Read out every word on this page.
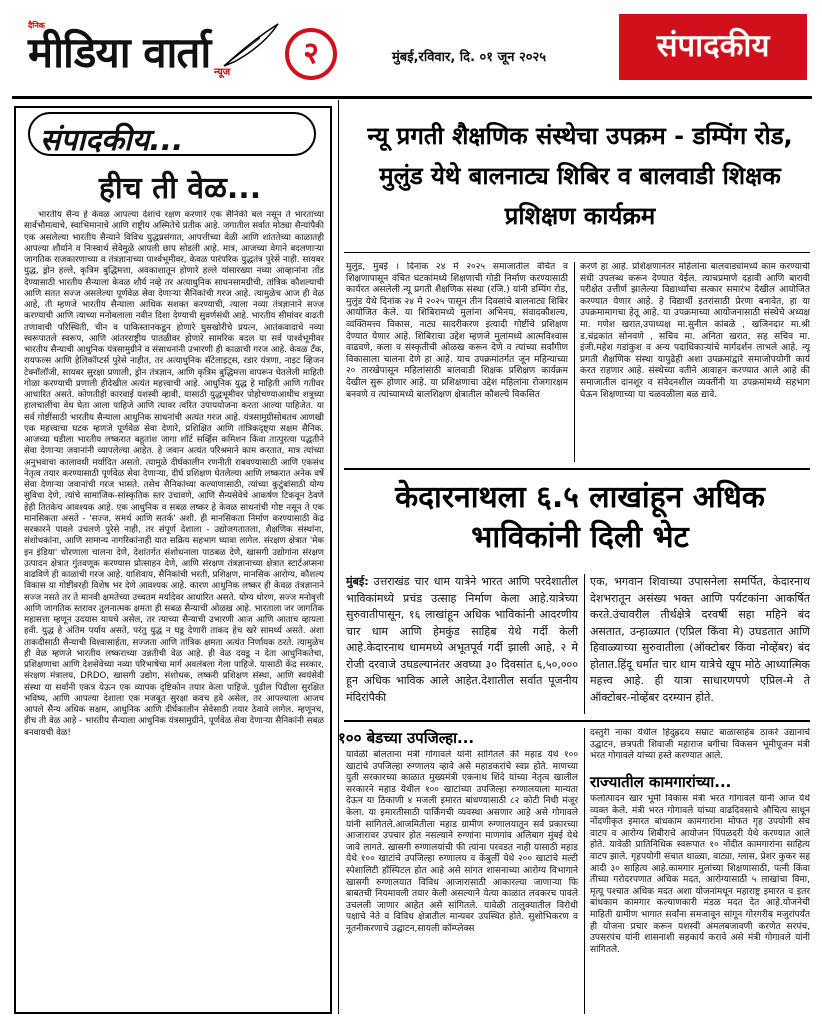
दैनिक
मीडिया वार्ता न्यूज
२	मुंबई,रविवार, दि. ०१ जून २०२५	संपादकीय
संपादकीय...
हीच ती वेळ...

भारतीय सैन्य हे केवळ आपल्या देशाचे रक्षण करणारे एक सैनिकी बल नसून ते भारताच्या सार्वभौमत्वाचे, स्वाभिमानाचे आणि राष्ट्रीय अस्मितेचे प्रतीक आहे. जगातील सर्वात मोठ्या सैन्यांपैकी एक असलेल्या भारतीय सैन्याने विविध युद्धप्रसंगात, आपत्तीच्या वेळी आणि शांततेच्या काळातही आपल्या शौर्याने व निःस्वार्थ सेवेमुळे आपली छाप सोडली आहे. मात्र, आजच्या वेगाने बदलणाऱ्या जागतिक राजकारणाच्या व तंत्रज्ञानाच्या पार्श्वभूमीवर, केवळ पारंपरिक युद्धतंत्र पुरेसे नाही. सायबर युद्ध, ड्रोन हल्ले, कृत्रिम बुद्धिमत्ता, अवकाशातून होणारे हल्ले यांसारख्या नव्या आव्हानांना तोंड देण्यासाठी भारतीय सैन्याला केवळ शौर्य नव्हे तर अत्याधुनिक साधनसामग्रीची, तांत्रिक कौशल्याची आणि सतत सज्ज असलेल्या पूर्णवेळ सेवा देणाऱ्या सैनिकांची गरज आहे. त्यामुळेच आज ही वेळ आहे, ती म्हणजे भारतीय सैन्याला आधिक सशक्त करण्याची, त्याला नव्या तंत्रज्ञानाने सज्ज करण्याची आणि त्याच्या मनोबलाला नवीन दिशा देण्याची सुवर्णसंधी आहे. भारतीय सीमांवर वाढती तणावाची परिस्थिती, चीन व पाकिस्तानकडून होणारे घुसखोरीचे प्रयत्न, आतंकवादाचे नव्या स्वरूपातले स्वरूप, आणि आंतरराष्ट्रीय पातळीवर होणारे सामरिक बदल या सर्व पार्श्वभूमीवर भारतीय सैन्याची आधुनिक यंत्रसामुग्रीने व संसाधनांनी उभारणी ही काळाची गरज आहे. केवळ टँक, रायफल्स आणि हेलिकॉप्टर्स पुरेसे नाहीत, तर अत्याधुनिक सॅटेलाइट्स, रडार यंत्रणा, नाइट व्हिजन टेक्नॉलॉजी, सायबर सुरक्षा प्रणाली, ड्रोन तंत्रज्ञान, आणि कृत्रिम बुद्धिमत्ता वापरून घेतलेली माहिती गोळा करण्याची प्रणाली हीदेखील अत्यंत महत्त्वाची आहे. आधुनिक युद्ध हे माहिती आणि गतीवर आधारित असते. कोणतीही कारवाई यशस्वी व्हावी, यासाठी युद्धभूमीवर पोहोचण्याआधीच शत्रूच्या हालचालींचा वेध घेता आला पाहिजे आणि त्यावर त्वरित उपाययोजना करता आल्या पाहिजेत. या सर्व गोष्टींसाठी भारतीय सैन्याला आधुनिक साधनांची अत्यंत गरज आहे. यंत्रसामुग्रीसोबतच आणखी एक महत्त्वाचा घटक म्हणजे पूर्णवेळ सेवा देणारे, प्रशिक्षित आणि तांत्रिकदृष्ट्या सक्षम सैनिक. आजच्या घडीला भारतीय लष्करात बहुतांश जागा शॉर्ट सर्व्हिस कमिशन किंवा तात्पुरत्या पद्धतीने सेवा देणाऱ्या जवानांनी व्यापलेल्या आहेत. हे जवान अत्यंत परिश्रमाने काम करतात, मात्र त्यांच्या अनुभवाचा कालावधी मर्यादित असतो. त्यामुळे दीर्घकालीन रणनीती राबवण्यासाठी आणि एकसंध नेतृत्व तयार करण्यासाठी पूर्णवेळ सेवा देणाऱ्या, दीर्घ प्रशिक्षण घेतलेल्या आणि लष्करात अनेक वर्षे सेवा देणाऱ्या जवानांची गरज भासते. तसेच सैनिकांच्या कल्याणासाठी, त्यांच्या कुटुंबांसाठी योग्य सुविधा देणे, त्यांचे सामाजिक-सांस्कृतिक स्तर उंचावणे, आणि सैन्यसेवेचे आकर्षण टिकवून ठेवणे हेही तितकेच आवश्यक आहे. एक आधुनिक व सबळ लष्कर हे केवळ साधनांची गोष्ट नसून ते एक मानसिकता असते - 'सज्ज, समर्थ आणि सतर्क' अशी. ही मानसिकता निर्माण करण्यासाठी केंद्र सरकारने पावले उचलणे पुरेसे नाही, तर संपूर्ण देशाला - उद्योजगतातला, शैक्षणिक संस्थांना, संशोधकांना, आणि सामान्य नागरिकांनाही यात सक्रिय सहभाग घ्यावा लागेल. संरक्षण क्षेत्रात 'मेक इन इंडिया' धोरणाला चालना देणे, देशांतर्गत संशोधनाला पाठबळ देणे, खासगी उद्योगांना संरक्षण उत्पादन क्षेत्रात गुंतवणूक करण्यास प्रोत्साहन देणे, आणि संरक्षण तंत्रज्ञानाच्या क्षेत्रात स्टार्टअप्सना वाढविणे ही काळाची गरज आहे. याशिवाय, सैनिकांची भरती, प्रशिक्षण, मानसिक आरोग्य, कौशल्य विकास या गोष्टींवरही विशेष भर देणे आवश्यक आहे. कारण आधुनिक लष्कर ही केवळ तंत्रज्ञानाने सज्ज नसते तर ते मानवी क्षमतेच्या उच्चतम मर्यादेवर आधारित असते. योग्य धोरण, सज्ज मनोवृत्ती आणि जागतिक स्तरावर तुलनात्मक क्षमता ही सबळ सैन्याची ओळख आहे. भारताला जर जागतिक महासत्ता म्हणून उदयास यायचे असेल, तर त्याच्या सैन्याची उभारणी आज आणि आताच व्हायला हवी. युद्ध हे अंतिम पर्याय असते, परंतु युद्ध न घडू देणारी ताकद हेच खरे सामर्थ्य असते. अशा ताकदीसाठी सैन्याची विश्वासार्हता, सज्जता आणि तांत्रिक क्षमता अत्यंत निर्णायक ठरते. त्यामुळेच ही वेळ म्हणजे भारतीय लष्कराच्या उन्नतीची वेळ आहे. ही वेळ दवडू न देता आधुनिकतेचा, प्रशिक्षणाचा आणि देशसेवेच्या नव्या परिभाषेचा मार्ग अवलंबला गेला पाहिजे. यासाठी केंद्र सरकार, संरक्षण मंत्रालय, DRDO, खासगी उद्योग, संशोधक, लष्करी प्रशिक्षण संस्था, आणि स्वयंसेवी संस्था या सर्वांनी एकत्र येऊन एक व्यापक दृष्टिकोन तयार केला पाहिजे. पुढील पिढीला सुरक्षित भविष्य, आणि आपल्या देशाला एक मजबूत सुरक्षा कवच हवे असेल, तर आपल्याला आजच आपले सैन्य अधिक सक्षम, आधुनिक आणि दीर्घकालीन सेवेसाठी तयार ठेवावे लागेल. म्हणूनच, हीच ती वेळ आहे - भारतीय सैन्याला आधुनिक यंत्रसामुग्रीने, पूर्णवेळ सेवा देणाऱ्या सैनिकांनी सबळ बनवायची वेळ!

न्यू प्रगती शैक्षणिक संस्थेचा उपक्रम - डम्पिंग रोड, मुलुंड येथे बालनाट्य शिबिर व बालवाडी शिक्षक प्रशिक्षण कार्यक्रम
मुलुंड, मुंबई । दिनांक २४ मे २०२५ समाजातील वंचित व शिक्षणापासून वंचित घटकांमध्ये शिक्षणाची गोडी निर्माण करण्यासाठी कार्यरत असलेली न्यू प्रगती शैक्षणिक संस्था (रजि.) यांनी डम्पिंग रोड, मुलुंड येथे दिनांक २४ मे २०२५ पासून तीन दिवसांचे बालनाट्य शिबिर आयोजित केले. या शिबिरामध्ये मुलांना अभिनय, संवादकौशल्य, व्यक्तिमत्त्व विकास, नाट्य सादरीकरण इत्यादी गोष्टींचे प्रशिक्षण देण्यात येणार आहे. शिबिराचा उद्देश म्हणजे मुलांमध्ये आत्मविश्वास वाढवणे, कला व संस्कृतीची ओळख करून देणे व त्यांच्या सर्वांगीण विकासाला चालना देणे हा आहे. याच उपक्रमांतर्गत जून महिन्याच्या २० तारखेपासून महिलांसाठी बालवाडी शिक्षक प्रशिक्षण कार्यक्रम देखील सुरू होणार आहे. या प्रशिक्षणाचा उद्देश महिलांना रोजगारक्षम बनवणे व त्यांच्यामध्ये बालशिक्षण क्षेत्रातील कौशल्ये विकसित
करणे हा आहे. प्रशिक्षणानंतर महिलांना बालवाड्यांमध्ये काम करण्याची संधी उपलब्ध करून देण्यात येईल. त्याचप्रमाणे दहावी आणि बारावी परीक्षेत उत्तीर्ण झालेल्या विद्यार्थ्यांचा सत्कार समारंभ देखील आयोजित करण्यात येणार आहे. हे विद्यार्थी इतरांसाठी प्रेरणा बनावेत, हा या उपक्रमामागचा हेतू आहे. या उपक्रमाच्या आयोजनासाठी संस्थेचे अध्यक्ष मा. गणेश खरात,उपाध्यक्ष मा.सुनील कांबळे , खजिनदार मा.श्री ड.चंद्रकांत सोनवणे , सचिव मा. अनिता खरात, सह सचिव मा. इंजी.महेश गडांकुश व अन्य पदाधिकाऱ्यांचे मार्गदर्शन लाभले आहे. न्यू प्रगती शैक्षणिक संस्था यापुढेही अशा उपक्रमांद्वारे समाजोपयोगी कार्य करत राहणार आहे. संस्थेच्या वतीने आवाहन करण्यात आले आहे की समाजातील दानशूर व संवेदनशील व्यक्तींनी या उपक्रमांमध्ये सहभाग घेऊन शिक्षणाच्या या चळवळीला बळ द्यावे.
केदारनाथला ६.५ लाखांहून अधिक भाविकांनी दिली भेट
मुंबई: उत्तराखंड चार धाम यात्रेने भारत आणि परदेशातील भाविकांमध्ये प्रचंड उत्साह निर्माण केला आहे.यात्रेच्या सुरुवातीपासून, १६ लाखांहून अधिक भाविकांनी आदरणीय चार धाम आणि हेमकुंड साहिब येथे गर्दी केली आहे.केदारनाथ धाममध्ये अभूतपूर्व गर्दी झाली आहे, २ मे रोजी दरवाजे उघडल्यानंतर अवघ्या ३० दिवसांत ६,५०,००० हून अधिक भाविक आले आहेत.देशातील सर्वात पूजनीय मंदिरांपैकी
एक, भगवान शिवाच्या उपासनेला समर्पित, केदारनाथ देशभरातून असंख्य भक्त आणि पर्यटकांना आकर्षित करते.उंचावरील तीर्थक्षेत्रे दरवर्षी सहा महिने बंद असतात, उन्हाळ्यात (एप्रिल किंवा मे) उघडतात आणि हिवाळ्याच्या सुरुवातीला (ऑक्टोबर किंवा नोव्हेंबर) बंद होतात.हिंदू धर्मात चार धाम यात्रेचे खूप मोठे आध्यात्मिक महत्त्व आहे. ही यात्रा साधारणपणे एप्रिल-मे ते ऑक्टोबर-नोव्हेंबर दरम्यान होते.
१०० बेडच्या उपजिल्हा...
यावेळी बोलताना मंत्री गोगावले यांनी सांगितले की महाड येथे १०० खाटांचे उपजिल्हा रुग्णालय व्हावे असे महाडकरांचे स्वप्न होते. माणच्या युती सरकारच्या काळात मुख्यमंत्री एकनाथ शिंदे यांच्या नेतृत्व खालील सरकारने महाड येथील १०० खाटांच्या उपजिल्हा रुग्णालयाला मान्यता देऊन या ठिकाणी ४ मजली इमारत बांधण्यासाठी ८२ कोटी निधी मंजूर केला. या इमारतीसाठी पार्किंगची व्यवस्था असणार आहे असे गोगावले यांनी सांगितले.आजमितीला महाड ग्रामीण रुग्णालयातून सर्व प्रकारच्या आजारावर उपचार होत नसल्याने रुग्णांना माणगांव अलिबाग मुंबई येथे जावे लागते. खासगी रुग्णालयांची फी त्यांना परवडत नाही यासाठी महाड येथे १०० खाटांचे उपजिल्हा रुग्णालय व केंबुर्ली येथे २०० खाटांचे मल्टी स्पेशालिटी हॉस्पिटल होत आहे असे सांगत शासनाच्या आरोग्य विभागाने खासगी रुग्णालयात विविध आजारासाठी आकारल्या जाणाऱ्या फि बाबतची नियमावली तयार केली असल्याने येत्या काळात लवकरच पावले उचलली जाणार आहेत असे सांगितले. यावेळी तालुक्यातील विरोधी पक्षाचे नेते व विविध क्षेत्रातील मान्यवर उपस्थित होते. सुशोभिकरण व नूतनीकरणाचे उद्घाटन,सायली कॉम्प्लेक्स
दस्तुरी नाका येथील हिंदुह्रदय सम्राट बाळासाहेब ठाकरे उद्यानाचे उद्घाटन, छत्रपती शिवाजी महाराज बगीचा विकसन भूमीपूजन मंत्री भरत गोगावले यांच्या हस्ते करण्यात आले.
राज्यातील कामगारांच्या...
फलोत्पादन खार भूमी विकास मंत्री भरत गोगावले यांनी आज येथे व्यक्त केले. मंत्री भरत गोगावले यांच्या वाढदिवसाचे औचित्य साधून नोंदणीकृत इमारत बांधकाम कामगारांना मोफत गृह उपयोगी संच वाटप व आरोग्य शिबीराचे आयोजन पिंपळदरी येथे करण्यात आले होते. यावेळी प्रातिनिधिक स्वरूपात १० नोंदीत कामगारांना साहित्य वाटप झाले. गृहपयोगी संचात थाळ्या, वाट्या, ग्लास, प्रेशर कुकर सह आदी ३० साहित्य आहे.कामगार मुलांच्या शिक्षणासाठी, पत्नी किंवा तीच्या गरोदरपणात अधिक मदत, आरोग्यासाठी ५ लाखांचा विमा, मृत्यू पश्चात अधिक मदत अशा योजनांमधून महाराष्ट्र इमारत व इतर बांधकाम कामगार कल्याणकारी मंडळ मदत देत आहे.योजनेची माहिती ग्रामीण भागात सर्वांना समजावून सांगून गोरगरीब मजुरांपर्यंत ही योजना प्रचार करून यशस्वी अंमलबजावणी करणेत सरपंच, उपसरपंच यांनी शासनाशी सहकार्य करावे असे मंत्री गोगावले यांनी सांगितले.
